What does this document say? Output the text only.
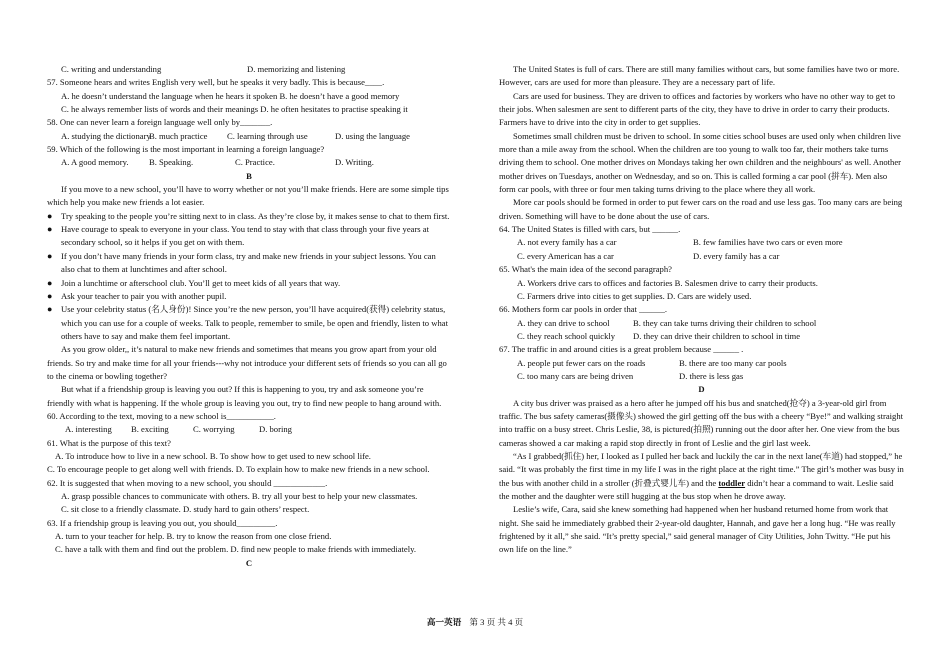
C. writing and understanding	D. memorizing and listening
57. Someone hears and writes English very well, but he speaks it very badly. This is because____.
A. he doesn’t understand the language when he hears it spoken B. he doesn’t have a good memory
C. he always remember lists of words and their meanings D. he often hesitates to practise speaking it
58. One can never learn a foreign language well only by_______.
A. studying the dictionary
B. much practice	C. learning through use	D. using the language
59. Which of the following is the most important in learning a foreign language?
A. A good memory.	B. Speaking.	C. Practice.	D. Writing.
B
If you move to a new school, you’ll have to worry whether or not you’ll make friends. Here are some simple tips which help you make new friends a lot easier.
● Try speaking to the people you’re sitting next to in class. As they’re close by, it makes sense to chat to them first.
● Have courage to speak to everyone in your class. You tend to stay with that class through your five years at secondary school, so it helps if you get on with them.
● If you don’t have many friends in your form class, try and make new friends in your subject lessons. You can also chat to them at lunchtimes and after school.
● Join a lunchtime or afterschool club. You’ll get to meet kids of all years that way.
● Ask your teacher to pair you with another pupil.
● Use your celebrity status (名人身份)! Since you’re the new person, you’ll have acquired(获得) celebrity status, which you can use for a couple of weeks. Talk to people, remember to smile, be open and friendly, listen to what others have to say and make them feel important.
As you grow older,, it’s natural to make new friends and sometimes that means you grow apart from your old friends. So try and make time for all your friends---why not introduce your different sets of friends so you can all go to the cinema or bowling together?
But what if a friendship group is leaving you out? If this is happening to you, try and ask someone you’re friendly with what is happening. If the whole group is leaving you out, try to find new people to hang around with.
60. According to the text, moving to a new school is___________.
A. interesting	B. exciting	C. worrying	D. boring
61. What is the purpose of this text?
A. To introduce how to live in a new school. B. To show how to get used to new school life.
C. To encourage people to get along well with friends. D. To explain how to make new friends in a new school.
62. It is suggested that when moving to a new school, you should ____________.
A. grasp possible chances to communicate with others. B. try all your best to help your new classmates.
C. sit close to a friendly classmate. D. study hard to gain others’ respect.
63. If a friendship group is leaving you out, you should_________.
A. turn to your teacher for help. B. try to know the reason from one close friend.
C. have a talk with them and find out the problem. D. find new people to make friends with immediately.
C
The United States is full of cars. There are still many families without cars, but some families have two or more. However, cars are used for more than pleasure. They are a necessary part of life.
Cars are used for business. They are driven to offices and factories by workers who have no other way to get to their jobs. When salesmen are sent to different parts of the city, they have to drive in order to carry their products. Farmers have to drive into the city in order to get supplies.
Sometimes small children must be driven to school. In some cities school buses are used only when children live more than a mile away from the school. When the children are too young to walk too far, their mothers take turns driving them to school. One mother drives on Mondays taking her own children and the neighbours' as well. Another mother drives on Tuesdays, another on Wednesday, and so on. This is called forming a car pool (拼车). Men also form car pools, with three or four men taking turns driving to the place where they all work.
More car pools should be formed in order to put fewer cars on the road and use less gas. Too many cars are being driven. Something will have to be done about the use of cars.
64. The United States is filled with cars, but ______.
A. not every family has a car	B. few families have two cars or even more
C. every American has a car	D. every family has a car
65. What's the main idea of the second paragraph?
A. Workers drive cars to offices and factories B. Salesmen drive to carry their products.
C. Farmers drive into cities to get supplies. D. Cars are widely used.
66. Mothers form car pools in order that ______.
A. they can drive to school	B. they can take turns driving their children to school
C. they reach school quickly	D. they can drive their children to school in time
67. The traffic in and around cities is a great problem because ______ .
A. people put fewer cars on the roads	B. there are too many car pools
C. too many cars are being driven	D. there is less gas
D
A city bus driver was praised as a hero after he jumped off his bus and snatched(抢夺) a 3-year-old girl from traffic. The bus safety cameras(摄像头) showed the girl getting off the bus with a cheery “Bye!” and walking straight into traffic on a busy street. Chris Leslie, 38, is pictured(拍照) running out the door after her. One view from the bus cameras showed a car making a rapid stop directly in front of Leslie and the girl last week.
“As I grabbed(抓住) her, I looked as I pulled her back and luckily the car in the next lane(车道) had stopped,” he said. “It was probably the first time in my life I was in the right place at the right time.” The girl’s mother was busy in the bus with another child in a stroller (折叠式婴儿车) and the toddler didn’t hear a command to wait. Leslie said the mother and the daughter were still hugging at the bus stop when he drove away.
Leslie’s wife, Cara, said she knew something had happened when her husband returned home from work that night. She said he immediately grabbed their 2-year-old daughter, Hannah, and gave her a long hug. “He was really frightened by it all,” she said. “It’s pretty special,” said general manager of City Utilities, John Twitty. “He put his own life on the line.”
高一英语 第 3 页 共 4 页
